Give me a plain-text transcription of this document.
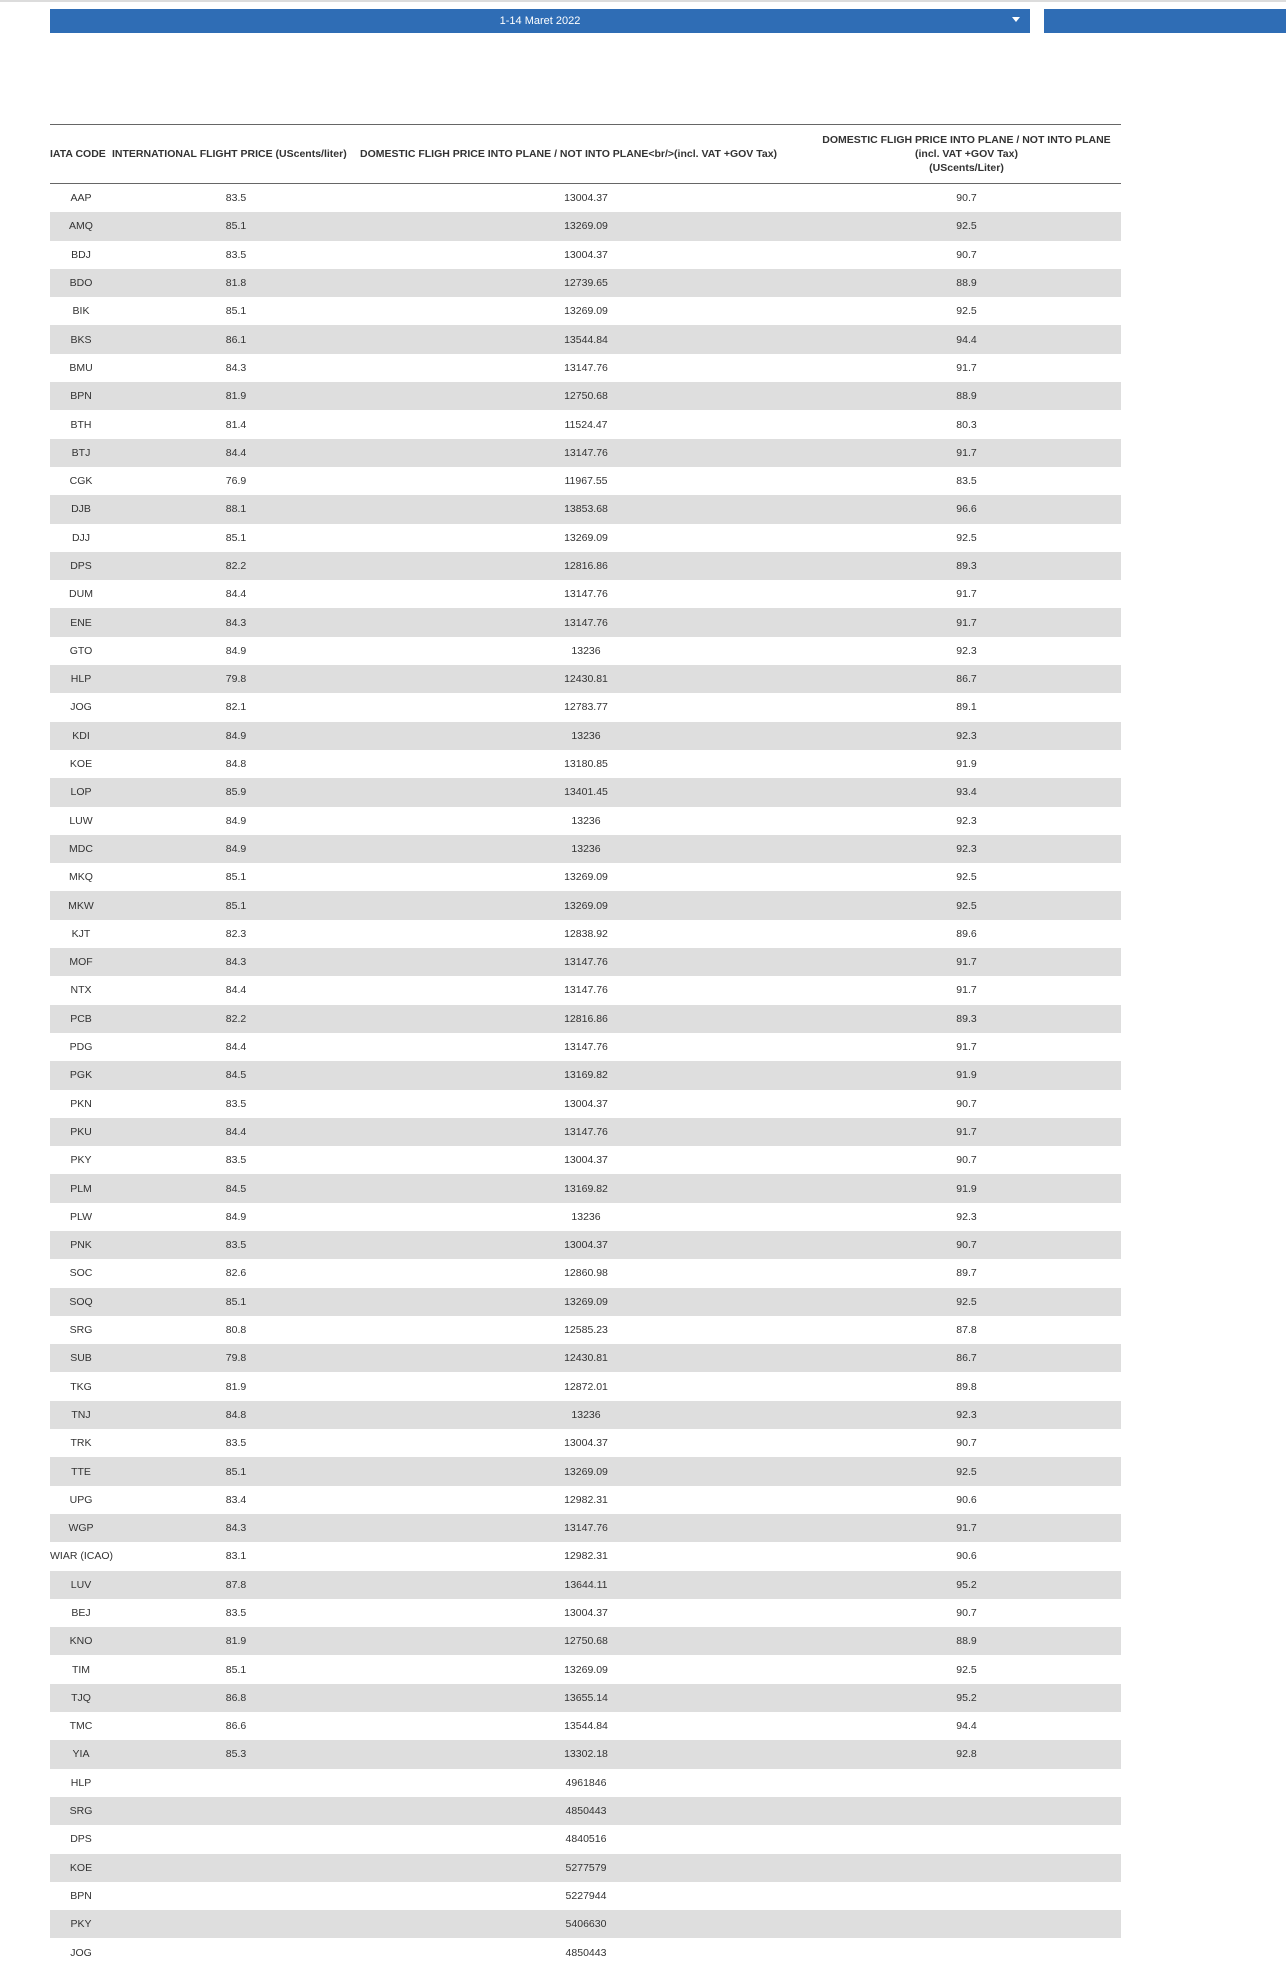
1-14 Maret 2022
IATA CODE	INTERNATIONAL FLIGHT PRICE (UScents/liter)	DOMESTIC FLIGH PRICE INTO PLANE / NOT INTO PLANE<br/>(incl. VAT +GOV Tax)	DOMESTIC FLIGH PRICE INTO PLANE / NOT INTO PLANE
(incl. VAT +GOV Tax)
(UScents/Liter)

AAP	83.5	13004.37	90.7
AMQ	85.1	13269.09	92.5
BDJ	83.5	13004.37	90.7
BDO	81.8	12739.65	88.9
BIK	85.1	13269.09	92.5
BKS	86.1	13544.84	94.4
BMU	84.3	13147.76	91.7
BPN	81.9	12750.68	88.9
BTH	81.4	11524.47	80.3
BTJ	84.4	13147.76	91.7
CGK	76.9	11967.55	83.5
DJB	88.1	13853.68	96.6
DJJ	85.1	13269.09	92.5
DPS	82.2	12816.86	89.3
DUM	84.4	13147.76	91.7
ENE	84.3	13147.76	91.7
GTO	84.9	13236	92.3
HLP	79.8	12430.81	86.7
JOG	82.1	12783.77	89.1
KDI	84.9	13236	92.3
KOE	84.8	13180.85	91.9
LOP	85.9	13401.45	93.4
LUW	84.9	13236	92.3
MDC	84.9	13236	92.3
MKQ	85.1	13269.09	92.5
MKW	85.1	13269.09	92.5
KJT	82.3	12838.92	89.6
MOF	84.3	13147.76	91.7
NTX	84.4	13147.76	91.7
PCB	82.2	12816.86	89.3
PDG	84.4	13147.76	91.7
PGK	84.5	13169.82	91.9
PKN	83.5	13004.37	90.7
PKU	84.4	13147.76	91.7
PKY	83.5	13004.37	90.7
PLM	84.5	13169.82	91.9
PLW	84.9	13236	92.3
PNK	83.5	13004.37	90.7
SOC	82.6	12860.98	89.7
SOQ	85.1	13269.09	92.5
SRG	80.8	12585.23	87.8
SUB	79.8	12430.81	86.7
TKG	81.9	12872.01	89.8
TNJ	84.8	13236	92.3
TRK	83.5	13004.37	90.7
TTE	85.1	13269.09	92.5
UPG	83.4	12982.31	90.6
WGP	84.3	13147.76	91.7
WIAR (ICAO)	83.1	12982.31	90.6
LUV	87.8	13644.11	95.2
BEJ	83.5	13004.37	90.7
KNO	81.9	12750.68	88.9
TIM	85.1	13269.09	92.5
TJQ	86.8	13655.14	95.2
TMC	86.6	13544.84	94.4
YIA	85.3	13302.18	92.8
HLP		4961846	
SRG		4850443	
DPS		4840516	
KOE		5277579	
BPN		5227944	
PKY		5406630	
JOG		4850443	
